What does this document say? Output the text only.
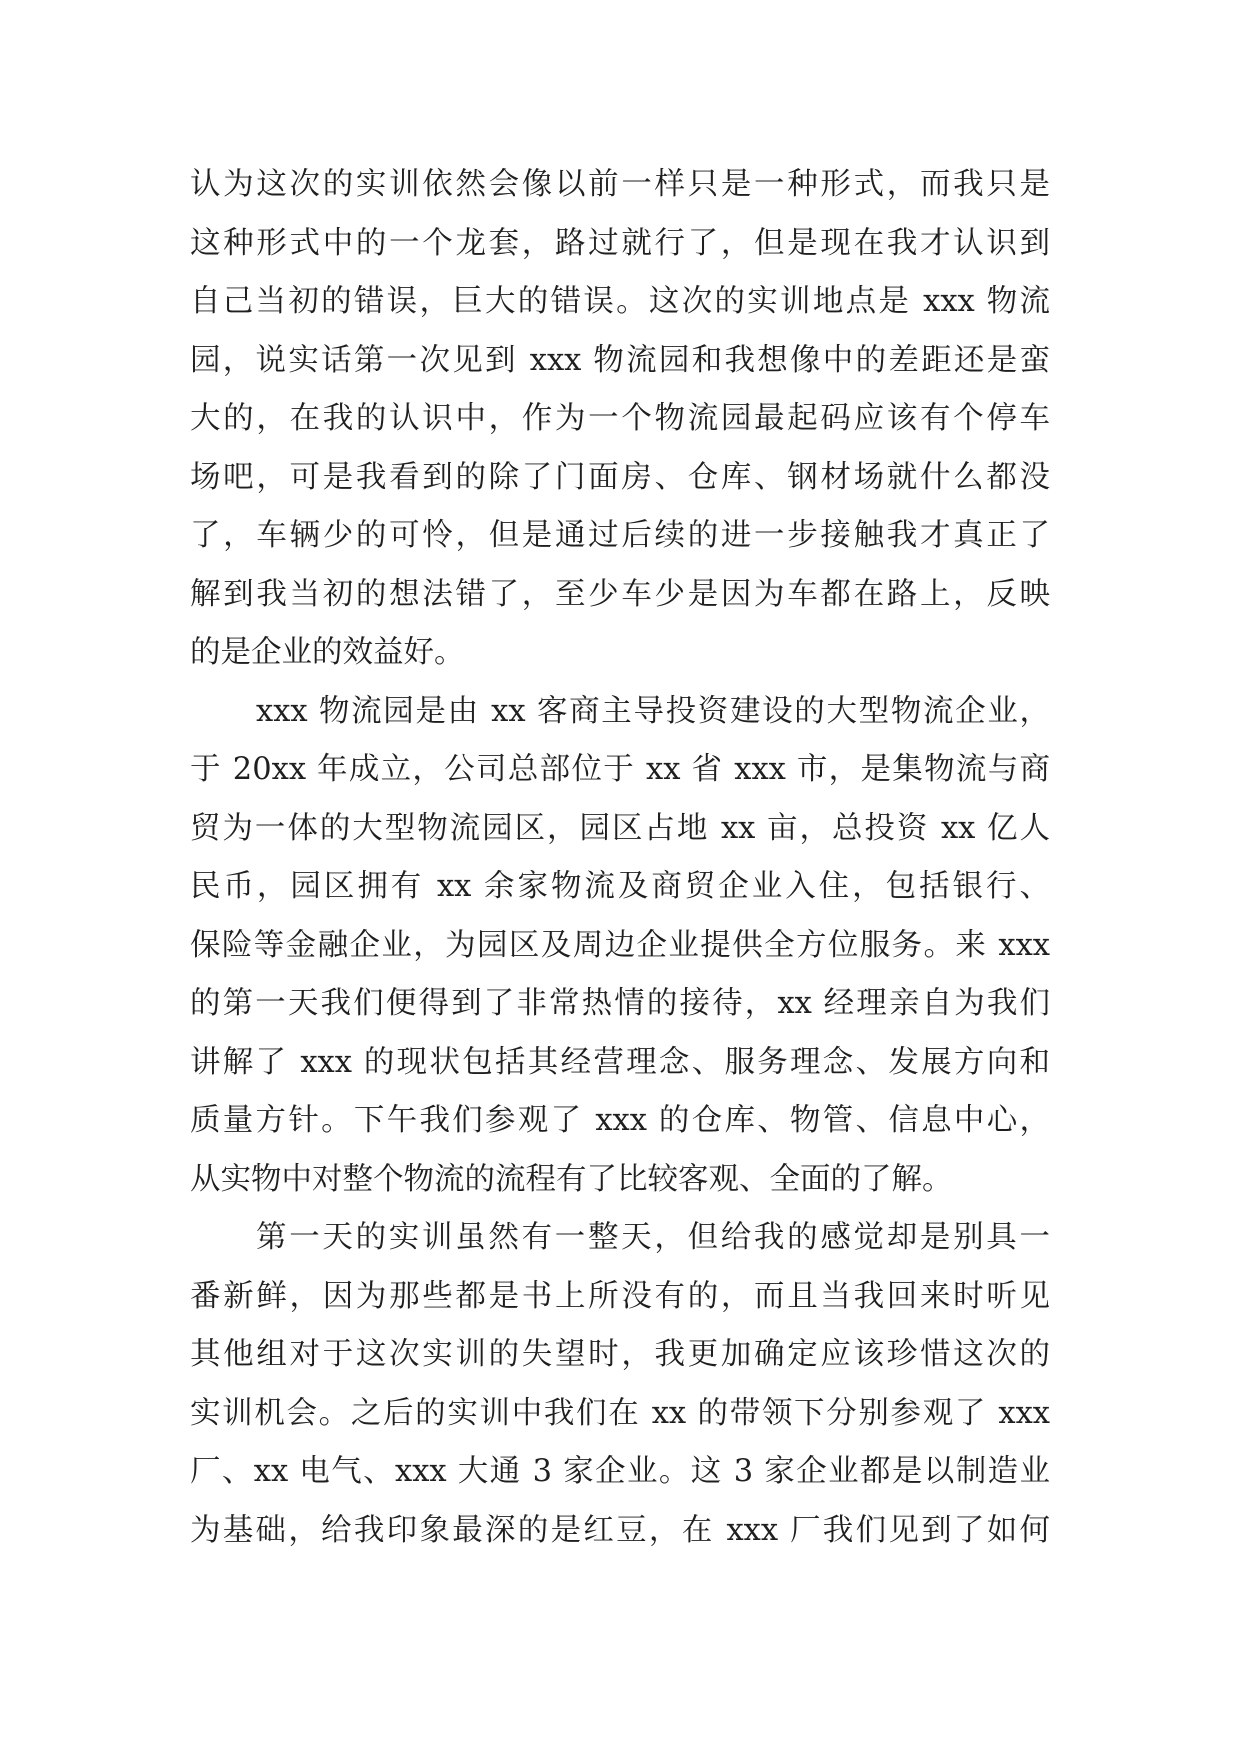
认为这次的实训依然会像以前一样只是一种形式，而我只是
这种形式中的一个龙套，路过就行了，但是现在我才认识到
自己当初的错误，巨大的错误。这次的实训地点是 xxx 物流
园，说实话第一次见到 xxx 物流园和我想像中的差距还是蛮
大的，在我的认识中，作为一个物流园最起码应该有个停车
场吧，可是我看到的除了门面房、仓库、钢材场就什么都没
了，车辆少的可怜，但是通过后续的进一步接触我才真正了
解到我当初的想法错了，至少车少是因为车都在路上，反映
的是企业的效益好。
xxx 物流园是由 xx 客商主导投资建设的大型物流企业，
于 20xx 年成立，公司总部位于 xx 省 xxx 市，是集物流与商
贸为一体的大型物流园区，园区占地 xx 亩，总投资 xx 亿人
民币，园区拥有 xx 余家物流及商贸企业入住，包括银行、
保险等金融企业，为园区及周边企业提供全方位服务。来 xxx
的第一天我们便得到了非常热情的接待，xx 经理亲自为我们
讲解了 xxx 的现状包括其经营理念、服务理念、发展方向和
质量方针。下午我们参观了 xxx 的仓库、物管、信息中心，
从实物中对整个物流的流程有了比较客观、全面的了解。
第一天的实训虽然有一整天，但给我的感觉却是别具一
番新鲜，因为那些都是书上所没有的，而且当我回来时听见
其他组对于这次实训的失望时，我更加确定应该珍惜这次的
实训机会。之后的实训中我们在 xx 的带领下分别参观了 xxx
厂、xx 电气、xxx 大通 3 家企业。这 3 家企业都是以制造业
为基础，给我印象最深的是红豆，在 xxx 厂我们见到了如何
